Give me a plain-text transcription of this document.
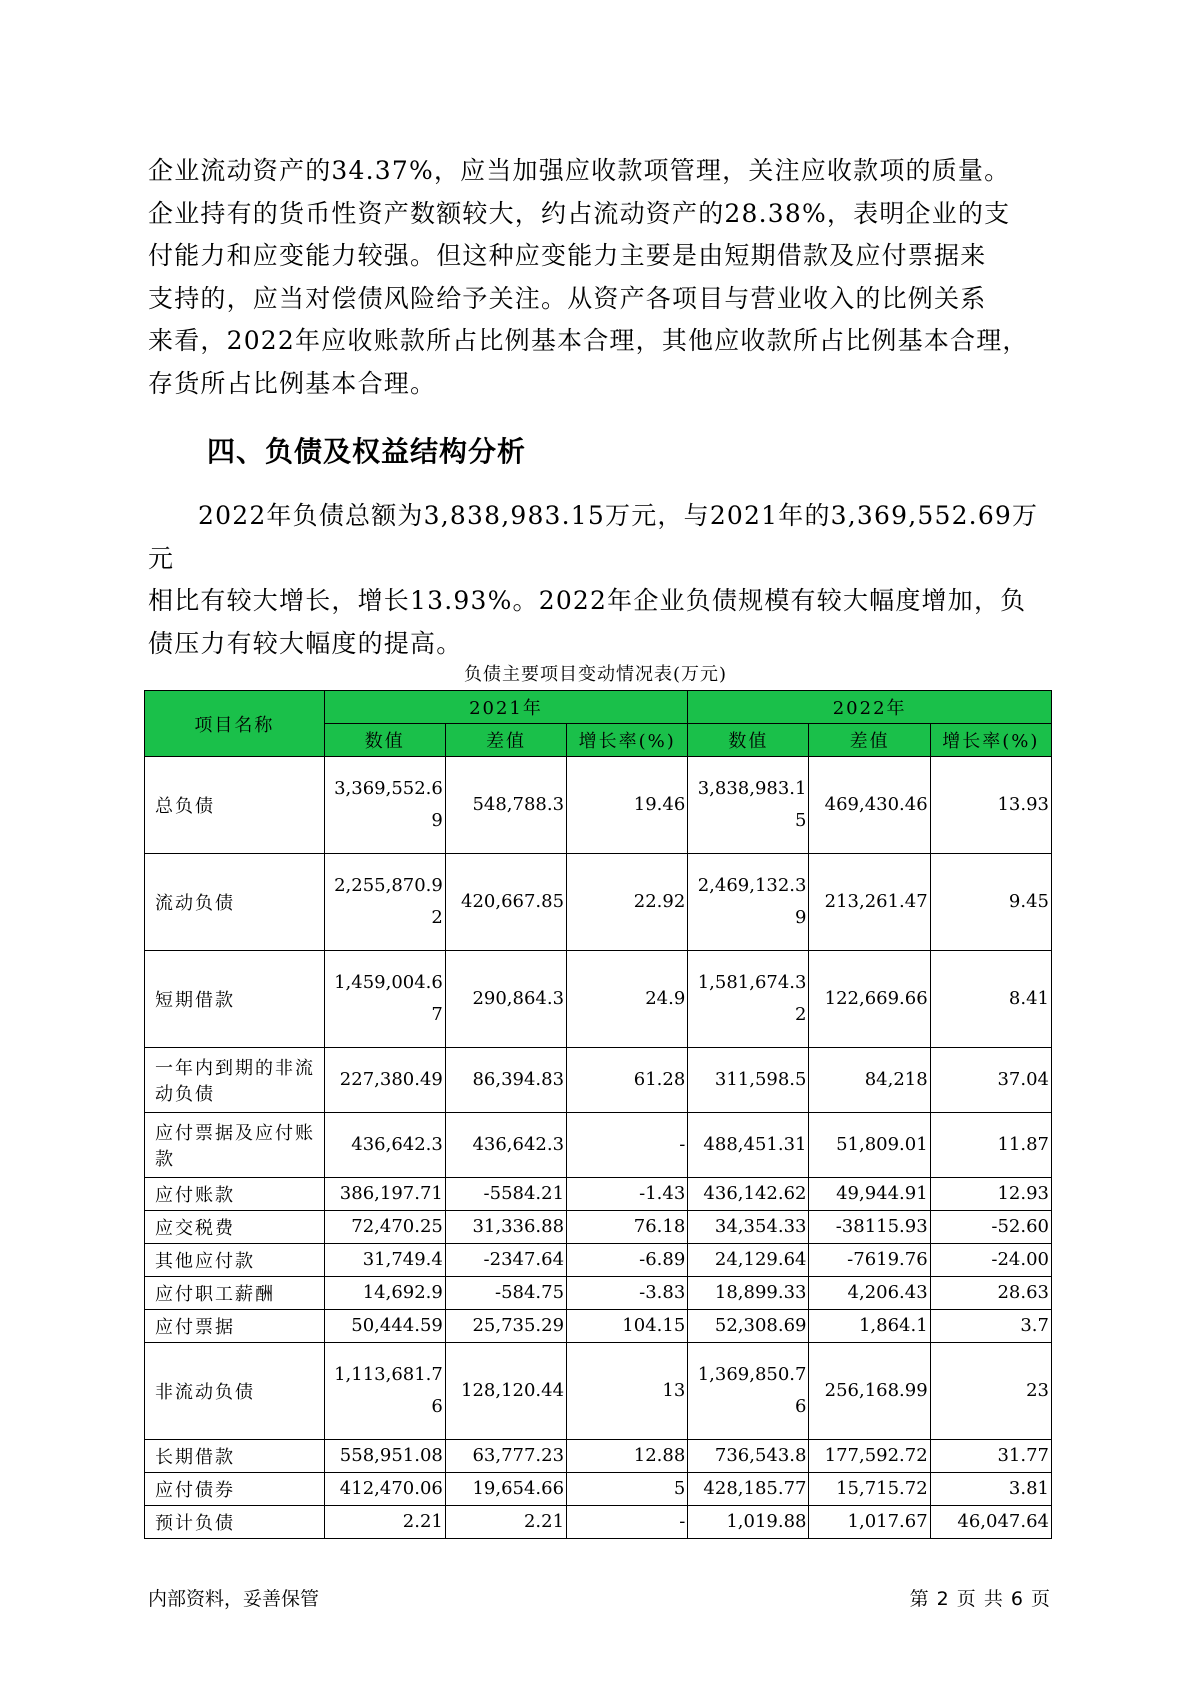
企业流动资产的34.37%，应当加强应收款项管理，关注应收款项的质量。

企业持有的货币性资产数额较大，约占流动资产的28.38%，表明企业的支

付能力和应变能力较强。但这种应变能力主要是由短期借款及应付票据来

支持的，应当对偿债风险给予关注。从资产各项目与营业收入的比例关系

来看，2022年应收账款所占比例基本合理，其他应收款所占比例基本合理，

存货所占比例基本合理。

四、负债及权益结构分析

2022年负债总额为3,838,983.15万元，与2021年的3,369,552.69万元

相比有较大增长，增长13.93%。2022年企业负债规模有较大幅度增加，负

债压力有较大幅度的提高。

负债主要项目变动情况表(万元)
项目名称	2021年			2022年		
	数值	差值	增长率(%)	数值	差值	增长率(%)
总负债	3,369,552.69	548,788.3	19.46	3,838,983.15	469,430.46	13.93
流动负债	2,255,870.92	420,667.85	22.92	2,469,132.39	213,261.47	9.45
短期借款	1,459,004.67	290,864.3	24.9	1,581,674.32	122,669.66	8.41
一年内到期的非流动负债	227,380.49	86,394.83	61.28	311,598.5	84,218	37.04
应付票据及应付账款	436,642.3	436,642.3	-	488,451.31	51,809.01	11.87
应付账款	386,197.71	-5584.21	-1.43	436,142.62	49,944.91	12.93
应交税费	72,470.25	31,336.88	76.18	34,354.33	-38115.93	-52.60
其他应付款	31,749.4	-2347.64	-6.89	24,129.64	-7619.76	-24.00
应付职工薪酬	14,692.9	-584.75	-3.83	18,899.33	4,206.43	28.63
应付票据	50,444.59	25,735.29	104.15	52,308.69	1,864.1	3.7
非流动负债	1,113,681.76	128,120.44	13	1,369,850.76	256,168.99	23
长期借款	558,951.08	63,777.23	12.88	736,543.8	177,592.72	31.77
应付债券	412,470.06	19,654.66	5	428,185.77	15,715.72	3.81
预计负债	2.21	2.21	-	1,019.88	1,017.67	46,047.64
内部资料，妥善保管	第 2 页 共 6 页
